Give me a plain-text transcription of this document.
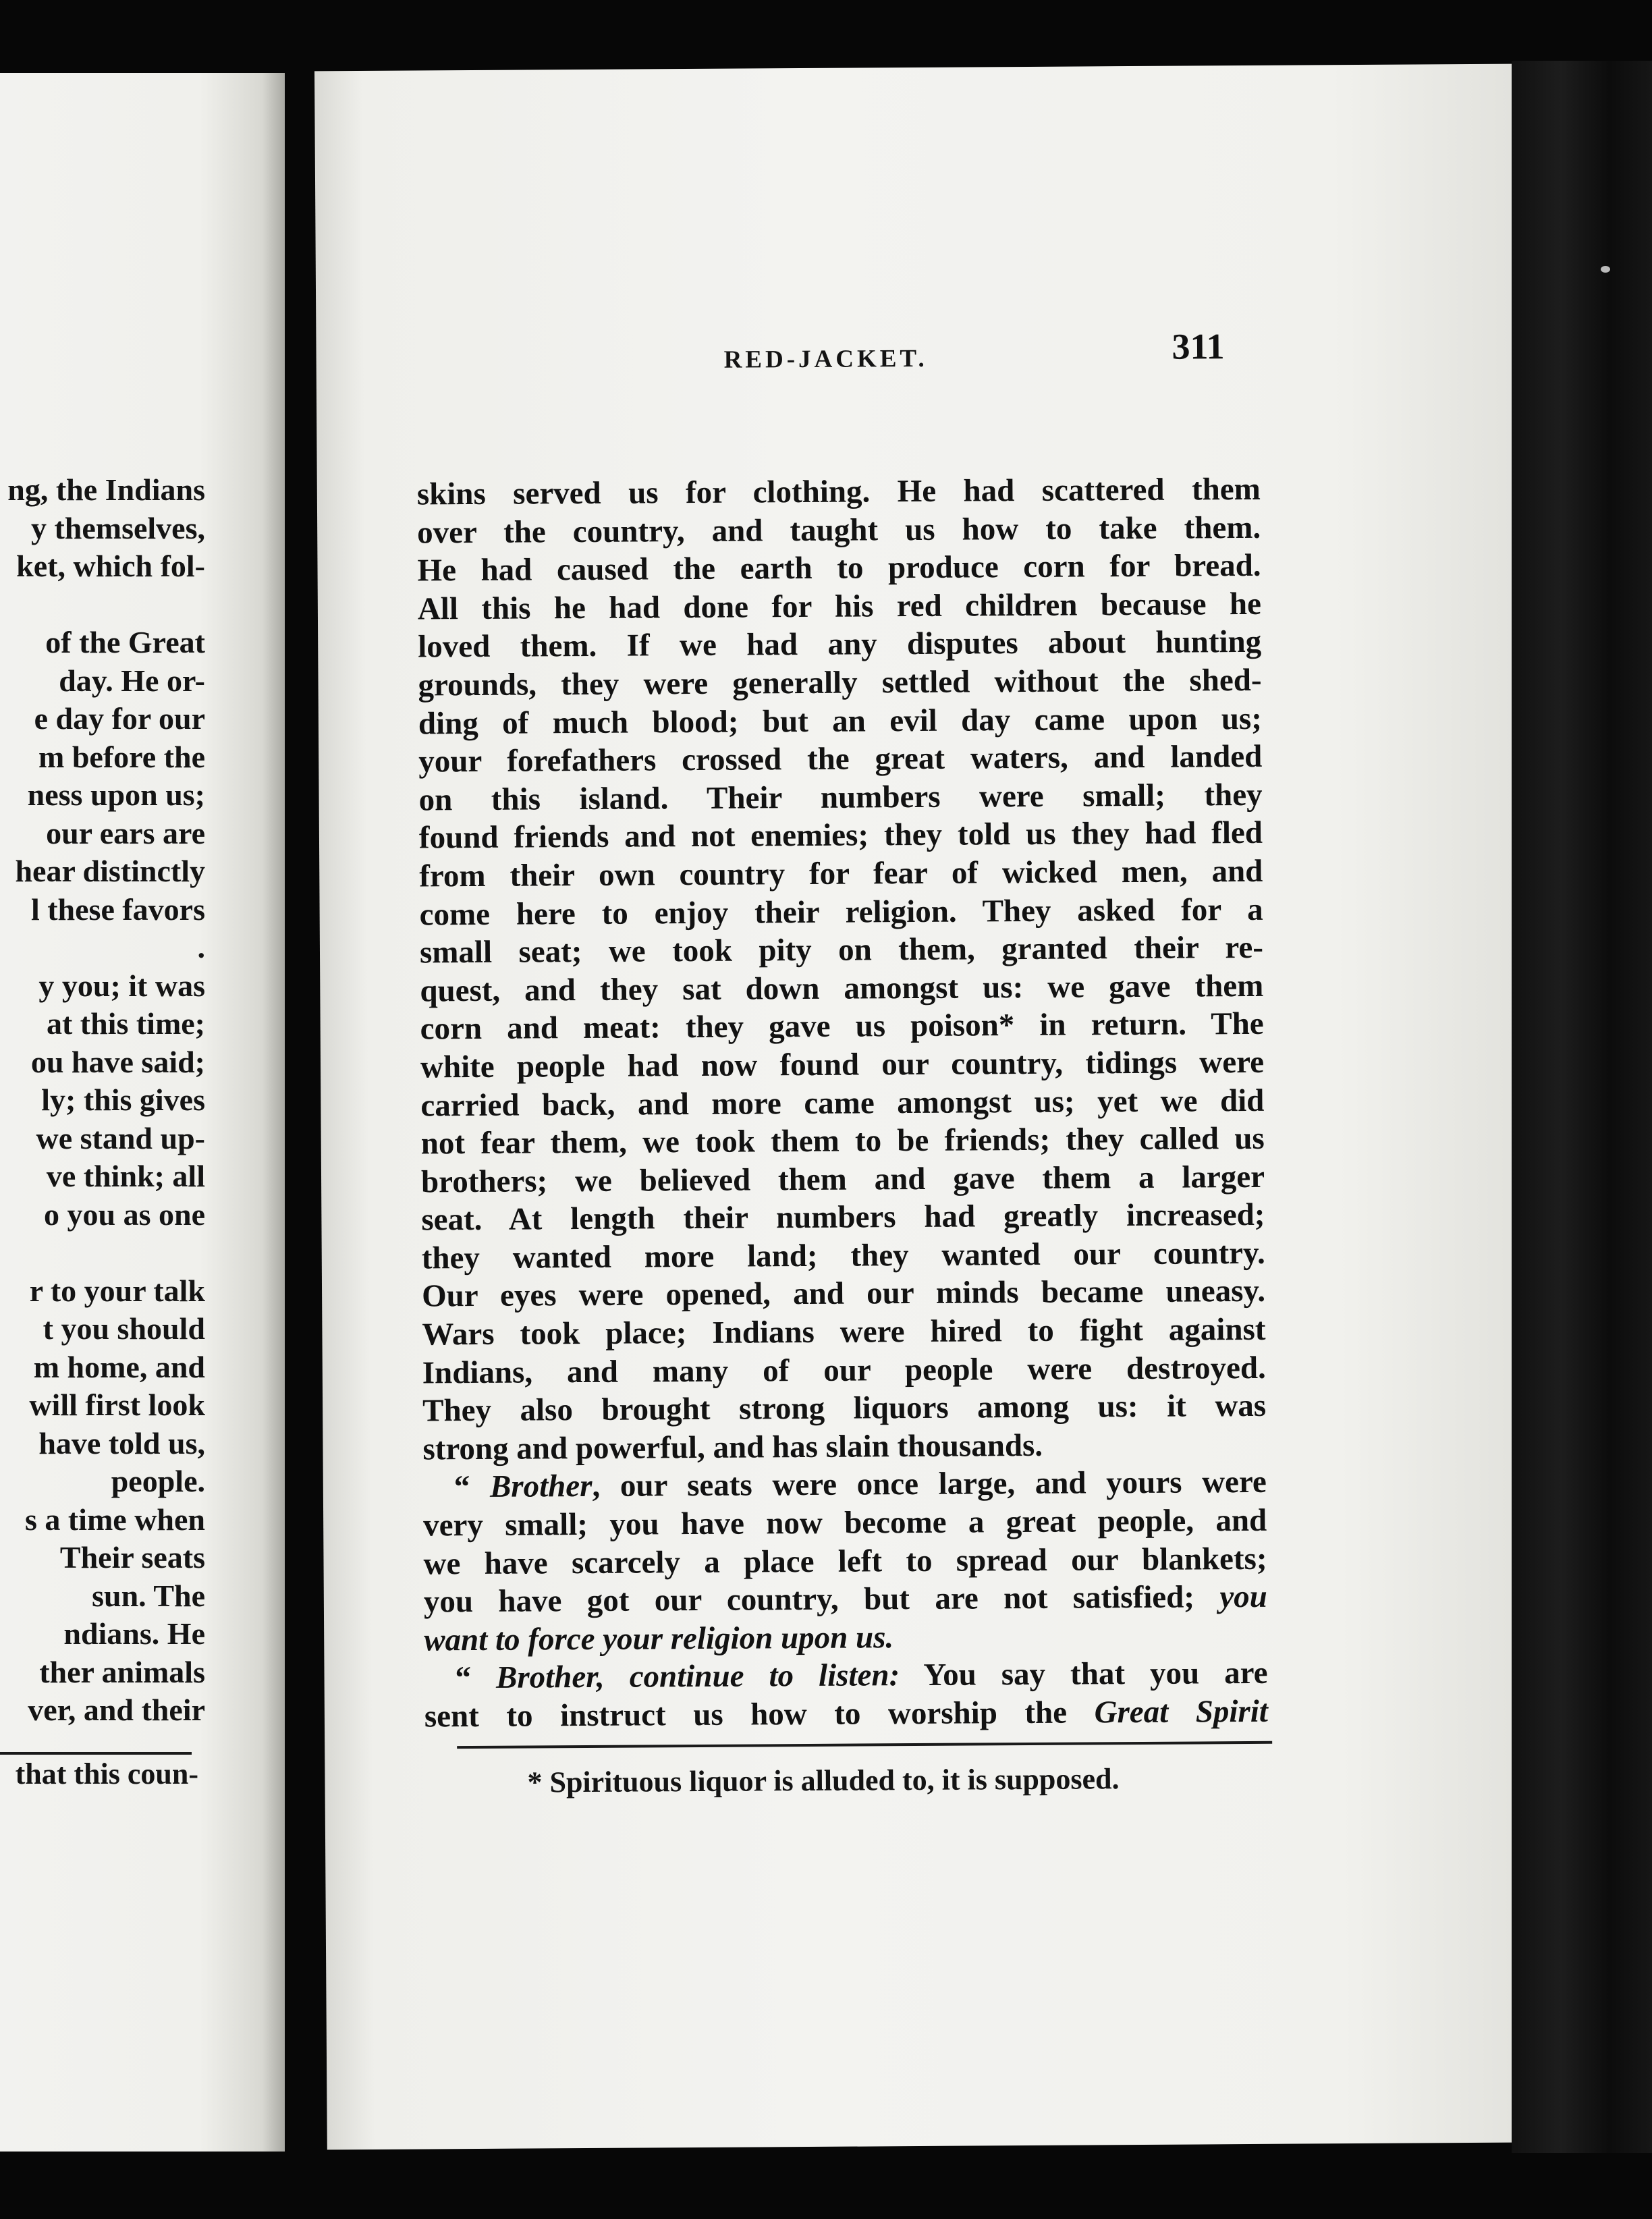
ng, the Indians
y themselves,
ket, which fol-
of the Great
day. He or-
e day for our
m before the
ness upon us;
our ears are
hear distinctly
l these favors
.
y you; it was
at this time;
ou have said;
ly; this gives
we stand up-
ve think; all
o you as one
r to your talk
t you should
m home, and
will first look
have told us,
people.
s a time when
Their seats
sun. The
ndians. He
ther animals
ver, and their
that this coun-
RED-JACKET.	311
skins served us for clothing. He had scattered them
over the country, and taught us how to take them.
He had caused the earth to produce corn for bread.
All this he had done for his red children because he
loved them. If we had any disputes about hunting
grounds, they were generally settled without the shed-
ding of much blood; but an evil day came upon us;
your forefathers crossed the great waters, and landed
on this island. Their numbers were small; they
found friends and not enemies; they told us they had fled
from their own country for fear of wicked men, and
come here to enjoy their religion. They asked for a
small seat; we took pity on them, granted their re-
quest, and they sat down amongst us: we gave them
corn and meat: they gave us poison* in return. The
white people had now found our country, tidings were
carried back, and more came amongst us; yet we did
not fear them, we took them to be friends; they called us
brothers; we believed them and gave them a larger
seat. At length their numbers had greatly increased;
they wanted more land; they wanted our country.
Our eyes were opened, and our minds became uneasy.
Wars took place; Indians were hired to fight against
Indians, and many of our people were destroyed.
They also brought strong liquors among us: it was
strong and powerful, and has slain thousands.
“ Brother, our seats were once large, and yours were
very small; you have now become a great people, and
we have scarcely a place left to spread our blankets;
you have got our country, but are not satisfied; you
want to force your religion upon us.
“ Brother, continue to listen: You say that you are
sent to instruct us how to worship the Great Spirit
* Spirituous liquor is alluded to, it is supposed.
